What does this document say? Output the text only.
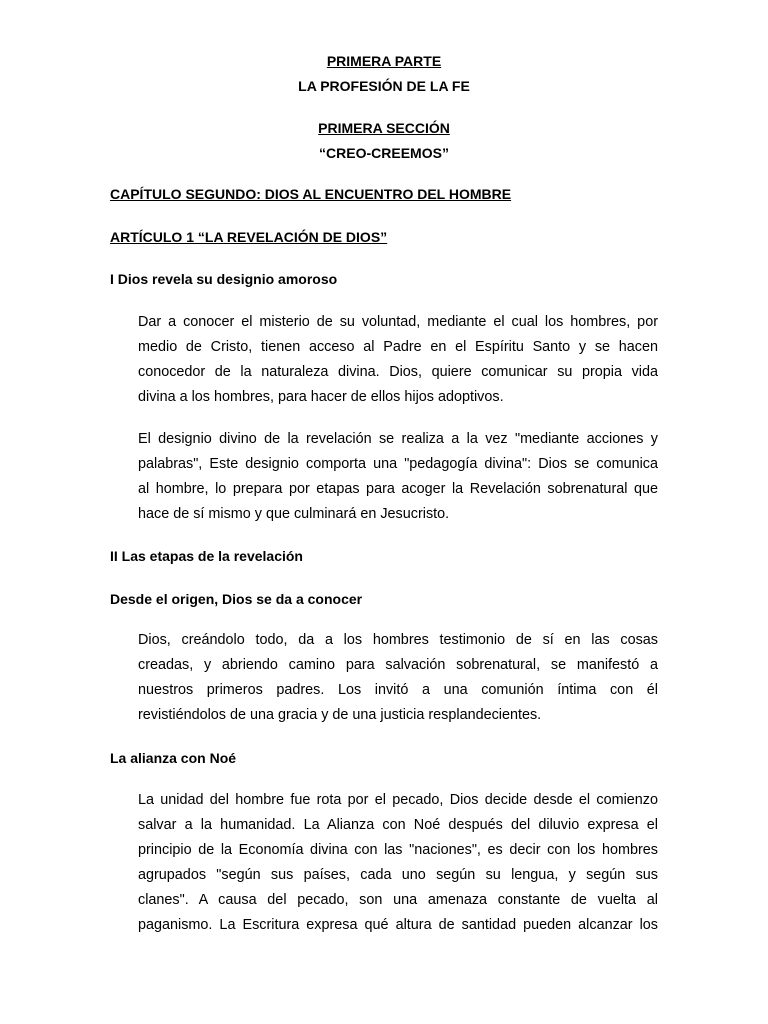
PRIMERA PARTE

LA PROFESIÓN DE LA FE

PRIMERA SECCIÓN

“CREO-CREEMOS”

CAPÍTULO SEGUNDO: DIOS AL ENCUENTRO DEL HOMBRE

ARTÍCULO 1 “LA REVELACIÓN DE DIOS”

I Dios revela su designio amoroso

Dar a conocer el misterio de su voluntad, mediante el cual los hombres, por
medio de Cristo, tienen acceso al Padre en el Espíritu Santo y se hacen
conocedor de la naturaleza divina. Dios, quiere comunicar su propia vida
divina a los hombres, para hacer de ellos hijos adoptivos.
El designio divino de la revelación se realiza a la vez "mediante acciones y
palabras", Este designio comporta una "pedagogía divina": Dios se comunica
al hombre, lo prepara por etapas para acoger la Revelación sobrenatural que
hace de sí mismo y que culminará en Jesucristo.

II Las etapas de la revelación

Desde el origen, Dios se da a conocer

Dios, creándolo todo, da a los hombres testimonio de sí en las cosas
creadas, y abriendo camino para salvación sobrenatural, se manifestó a
nuestros primeros padres. Los invitó a una comunión íntima con él
revistiéndolos de una gracia y de una justicia resplandecientes.

La alianza con Noé

La unidad del hombre fue rota por el pecado, Dios decide desde el comienzo
salvar a la humanidad. La Alianza con Noé después del diluvio expresa el
principio de la Economía divina con las "naciones", es decir con los hombres
agrupados "según sus países, cada uno según su lengua, y según sus
clanes". A causa del pecado, son una amenaza constante de vuelta al
paganismo. La Escritura expresa qué altura de santidad pueden alcanzar los
